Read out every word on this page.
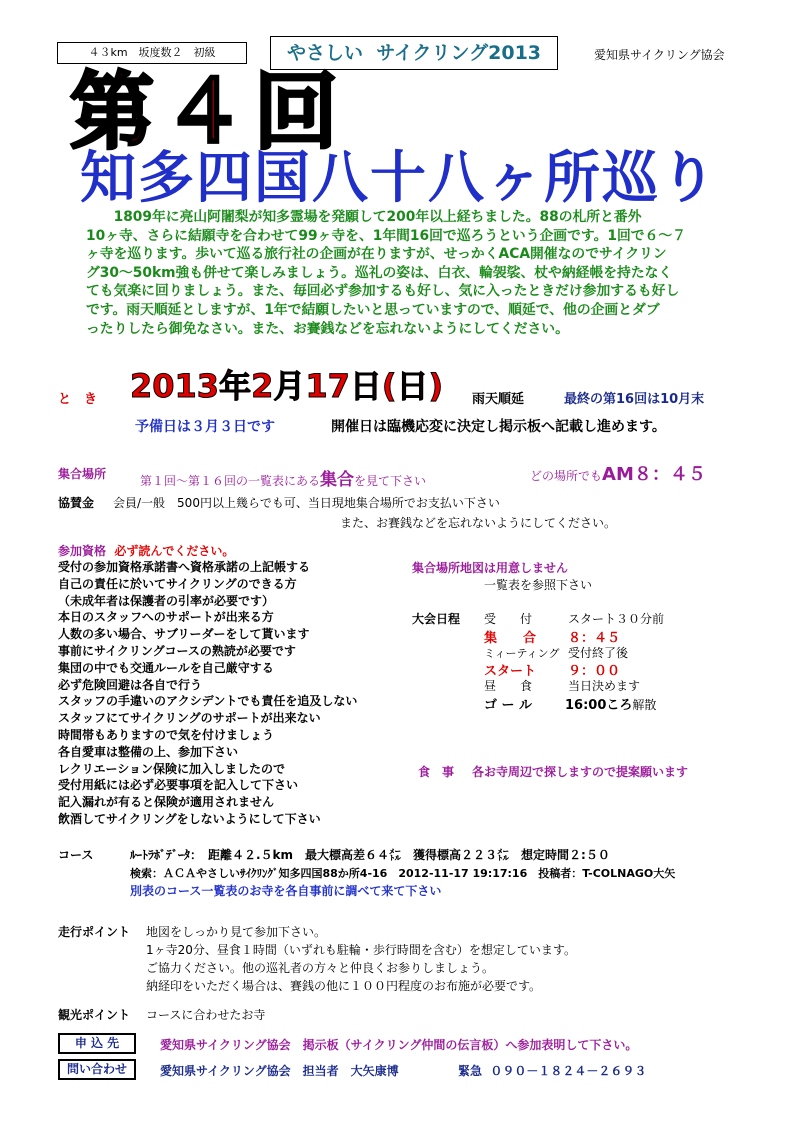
４３km　坂度数２　初級	やさしい サイクリング2013	愛知県サイクリング協会
第４回
知多四国八十八ヶ所巡り
　　1809年に亮山阿闍梨が知多霊場を発願して200年以上経ちました。88の札所と番外
10ヶ寺、さらに結願寺を合わせて99ヶ寺を、1年間16回で巡ろうという企画です。1回で６～７
ヶ寺を巡ります。歩いて巡る旅行社の企画が在りますが、せっかくACA開催なのでサイクリン
グ30～50km強も併せて楽しみましょう。巡礼の姿は、白衣、輪袈裟、杖や納経帳を持たなく
ても気楽に回りましょう。また、毎回必ず参加するも好し、気に入ったときだけ参加するも好し
です。雨天順延としますが、1年で結願したいと思っていますので、順延で、他の企画とダブ
ったりしたら御免なさい。また、お賽銭などを忘れないようにしてください。
と　き 2013年2月17日(日) 雨天順延	最終の第16回は10月末
予備日は３月３日です	開催日は臨機応変に決定し掲示板へ記載し進めます。
集合場所	第１回～第１６回の一覧表にある集合を見て下さい	どの場所でもAM８：４５
協賛金 会員/一般　500円以上幾らでも可、当日現地集合場所でお支払い下さい
また、お賽銭などを忘れないようにしてください。
参加資格 必ず読んでください。
受付の参加資格承諾書へ資格承諾の上記帳する
自己の責任に於いてサイクリングのできる方
（未成年者は保護者の引率が必要です）
本日のスタッフへのサポートが出来る方
人数の多い場合、サブリーダーをして貰います
事前にサイクリングコースの熟読が必要です
集団の中でも交通ルールを自己厳守する
必ず危険回避は各自で行う
スタッフの手違いのアクシデントでも責任を追及しない
スタッフにてサイクリングのサポートが出来ない
時間帯もありますので気を付けましょう
各自愛車は整備の上、参加下さい
レクリエーション保険に加入しましたので
受付用紙には必ず必要事項を記入して下さい
記入漏れが有ると保険が適用されません
飲酒してサイクリングをしないようにして下さい
集合場所地図は用意しません
一覧表を参照下さい
大会日程 受　　付	スタート３０分前
集　　合 ８：４５
ミィーティング 受付終了後
スタート ９：００
昼　　食	当日決めます
ゴ ー ル	16:00ころ解散
食　事 各お寺周辺で探しますので提案願います
コース	ﾙｰﾄﾗﾎﾞﾃﾞｰﾀ：　距離４２.５km　最大標高差６４㍍　獲得標高２２３㍍　想定時間２:５０
検索：ＡＣＡやさしいｻｲｸﾘﾝｸﾞ知多四国88か所4-16　2012-11-17 19:17:16　投稿者：T-COLNAGO大矢
別表のコース一覧表のお寺を各自事前に調べて来て下さい
走行ポイント 地図をしっかり見て参加下さい。
1ヶ寺20分、昼食１時間（いずれも駐輪・歩行時間を含む）を想定しています。
ご協力ください。他の巡礼者の方々と仲良くお参りしましょう。
納経印をいただく場合は、賽銭の他に１００円程度のお布施が必要です。
観光ポイント コースに合わせたお寺
申 込 先	愛知県サイクリング協会　掲示板（サイクリング仲間の伝言板）へ参加表明して下さい。
問い合わせ	愛知県サイクリング協会　担当者　大矢康博	緊急 ０９０－１８２４－２６９３
